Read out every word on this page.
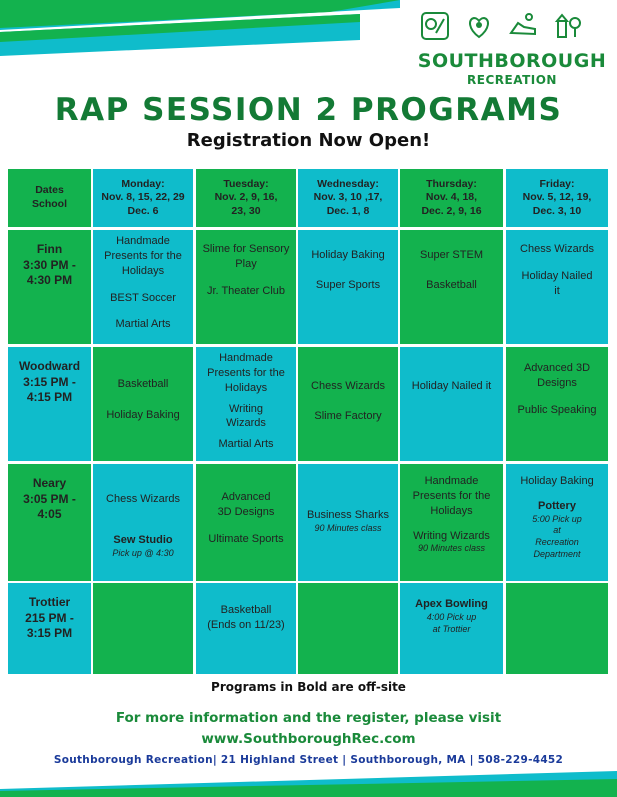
SOUTHBOROUGH
RECREATION
RAP SESSION 2 PROGRAMS
Registration Now Open!
Dates
School
Monday:
Nov. 8, 15, 22, 29
Dec. 6
Tuesday:
Nov. 2, 9, 16,
23, 30
Wednesday:
Nov. 3, 10 ,17,
Dec. 1, 8
Thursday:
Nov. 4, 18,
Dec. 2, 9, 16
Friday:
Nov. 5, 12, 19,
Dec. 3, 10
Finn
3:30 PM -
4:30 PM
Handmade Presents for the Holidays
BEST Soccer
Martial Arts
Slime for Sensory Play
Jr. Theater Club
Holiday Baking
Super Sports
Super STEM
Basketball
Chess Wizards
Holiday Nailed it
Woodward
3:15 PM -
4:15 PM
Basketball
Holiday Baking
Handmade Presents for the Holidays
Writing Wizards
Martial Arts
Chess Wizards
Slime Factory
Holiday Nailed it
Advanced 3D Designs
Public Speaking
Neary
3:05 PM -
4:05
Chess Wizards
Sew Studio
Pick up @ 4:30
Advanced 3D Designs
Ultimate Sports
Business Sharks
90 Minutes class
Handmade Presents for the Holidays
Writing Wizards
90 Minutes class
Holiday Baking
Pottery
5:00 Pick up
at
Recreation
Department
Trottier
215 PM -
3:15 PM
Basketball
(Ends on 11/23)
Apex Bowling
4:00 Pick up
at Trottier
Programs in Bold are off-site
For more information and the register, please visit
www.SouthboroughRec.com
Southborough Recreation| 21 Highland Street | Southborough, MA | 508-229-4452
